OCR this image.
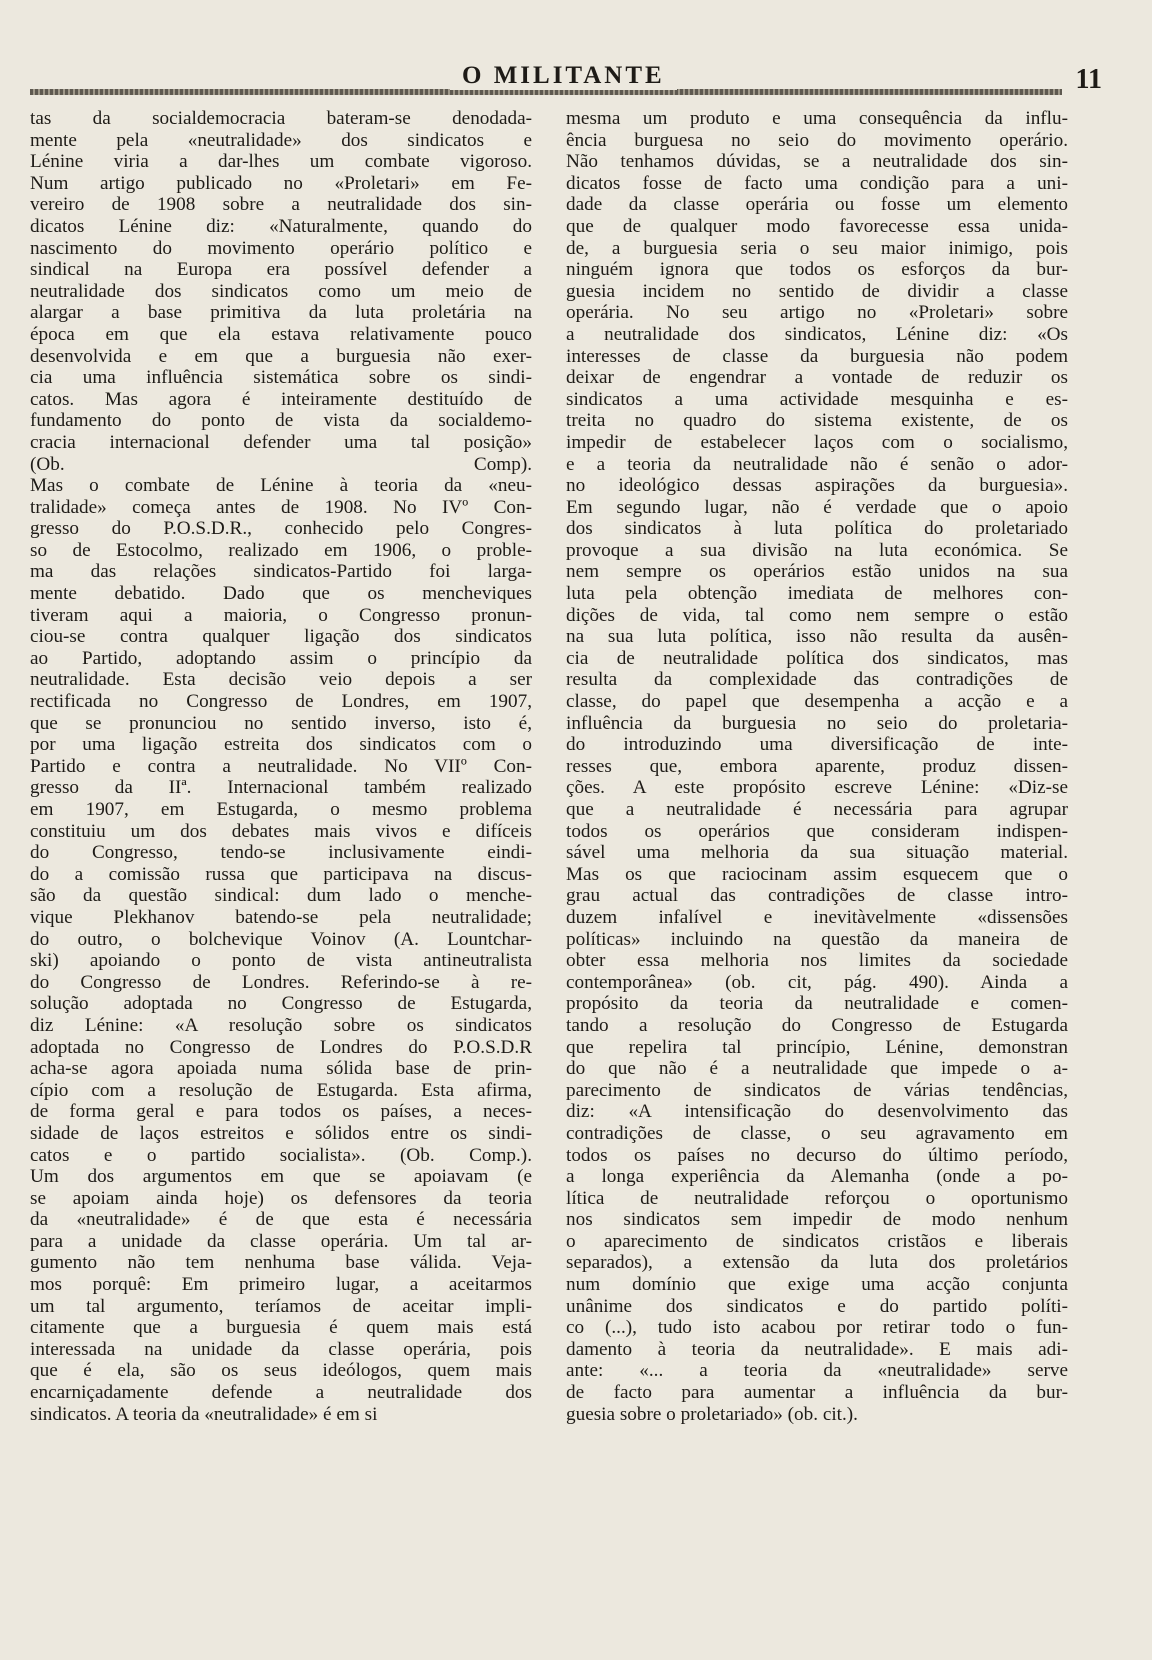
O MILITANTE	11
tas da socialdemocracia bateram-se denodada-
mente pela «neutralidade» dos sindicatos e
Lénine viria a dar-lhes um combate vigoroso.
Num artigo publicado no «Proletari» em Fe-
vereiro de 1908 sobre a neutralidade dos sin-
dicatos Lénine diz: «Naturalmente, quando do
nascimento do movimento operário político e
sindical na Europa era possível defender a
neutralidade dos sindicatos como um meio de
alargar a base primitiva da luta proletária na
época em que ela estava relativamente pouco
desenvolvida e em que a burguesia não exer-
cia uma influência sistemática sobre os sindi-
catos. Mas agora é inteiramente destituído de
fundamento do ponto de vista da socialdemo-
cracia internacional defender uma tal posição»
(Ob. Comp).
Mas o combate de Lénine à teoria da «neu-
tralidade» começa antes de 1908. No IVº Con-
gresso do P.O.S.D.R., conhecido pelo Congres-
so de Estocolmo, realizado em 1906, o proble-
ma das relações sindicatos-Partido foi larga-
mente debatido. Dado que os mencheviques
tiveram aqui a maioria, o Congresso pronun-
ciou-se contra qualquer ligação dos sindicatos
ao Partido, adoptando assim o princípio da
neutralidade. Esta decisão veio depois a ser
rectificada no Congresso de Londres, em 1907,
que se pronunciou no sentido inverso, isto é,
por uma ligação estreita dos sindicatos com o
Partido e contra a neutralidade. No VIIº Con-
gresso da IIª. Internacional também realizado
em 1907, em Estugarda, o mesmo problema
constituiu um dos debates mais vivos e difíceis
do Congresso, tendo-se inclusivamente eindi-
do a comissão russa que participava na discus-
são da questão sindical: dum lado o menche-
vique Plekhanov batendo-se pela neutralidade;
do outro, o bolchevique Voinov (A. Lountchar-
ski) apoiando o ponto de vista antineutralista
do Congresso de Londres. Referindo-se à re-
solução adoptada no Congresso de Estugarda,
diz Lénine: «A resolução sobre os sindicatos
adoptada no Congresso de Londres do P.O.S.D.R
acha-se agora apoiada numa sólida base de prin-
cípio com a resolução de Estugarda. Esta afirma,
de forma geral e para todos os países, a neces-
sidade de laços estreitos e sólidos entre os sindi-
catos e o partido socialista». (Ob. Comp.).
Um dos argumentos em que se apoiavam (e
se apoiam ainda hoje) os defensores da teoria
da «neutralidade» é de que esta é necessária
para a unidade da classe operária. Um tal ar-
gumento não tem nenhuma base válida. Veja-
mos porquê: Em primeiro lugar, a aceitarmos
um tal argumento, teríamos de aceitar impli-
citamente que a burguesia é quem mais está
interessada na unidade da classe operária, pois
que é ela, são os seus ideólogos, quem mais
encarniçadamente defende a neutralidade dos
sindicatos. A teoria da «neutralidade» é em si
mesma um produto e uma consequência da influ-
ência burguesa no seio do movimento operário.
Não tenhamos dúvidas, se a neutralidade dos sin-
dicatos fosse de facto uma condição para a uni-
dade da classe operária ou fosse um elemento
que de qualquer modo favorecesse essa unida-
de, a burguesia seria o seu maior inimigo, pois
ninguém ignora que todos os esforços da bur-
guesia incidem no sentido de dividir a classe
operária. No seu artigo no «Proletari» sobre
a neutralidade dos sindicatos, Lénine diz: «Os
interesses de classe da burguesia não podem
deixar de engendrar a vontade de reduzir os
sindicatos a uma actividade mesquinha e es-
treita no quadro do sistema existente, de os
impedir de estabelecer laços com o socialismo,
e a teoria da neutralidade não é senão o ador-
no ideológico dessas aspirações da burguesia».
Em segundo lugar, não é verdade que o apoio
dos sindicatos à luta política do proletariado
provoque a sua divisão na luta económica. Se
nem sempre os operários estão unidos na sua
luta pela obtenção imediata de melhores con-
dições de vida, tal como nem sempre o estão
na sua luta política, isso não resulta da ausên-
cia de neutralidade política dos sindicatos, mas
resulta da complexidade das contradições de
classe, do papel que desempenha a acção e a
influência da burguesia no seio do proletaria-
do introduzindo uma diversificação de inte-
resses que, embora aparente, produz dissen-
ções. A este propósito escreve Lénine: «Diz-se
que a neutralidade é necessária para agrupar
todos os operários que consideram indispen-
sável uma melhoria da sua situação material.
Mas os que raciocinam assim esquecem que o
grau actual das contradições de classe intro-
duzem infalível e inevitàvelmente «dissensões
políticas» incluindo na questão da maneira de
obter essa melhoria nos limites da sociedade
contemporânea» (ob. cit, pág. 490). Ainda a
propósito da teoria da neutralidade e comen-
tando a resolução do Congresso de Estugarda
que repelira tal princípio, Lénine, demonstran
do que não é a neutralidade que impede o a-
parecimento de sindicatos de várias tendências,
diz: «A intensificação do desenvolvimento das
contradições de classe, o seu agravamento em
todos os países no decurso do último período,
a longa experiência da Alemanha (onde a po-
lítica de neutralidade reforçou o oportunismo
nos sindicatos sem impedir de modo nenhum
o aparecimento de sindicatos cristãos e liberais
separados), a extensão da luta dos proletários
num domínio que exige uma acção conjunta
unânime dos sindicatos e do partido políti-
co (...), tudo isto acabou por retirar todo o fun-
damento à teoria da neutralidade». E mais adi-
ante: «... a teoria da «neutralidade» serve
de facto para aumentar a influência da bur-
guesia sobre o proletariado» (ob. cit.).
